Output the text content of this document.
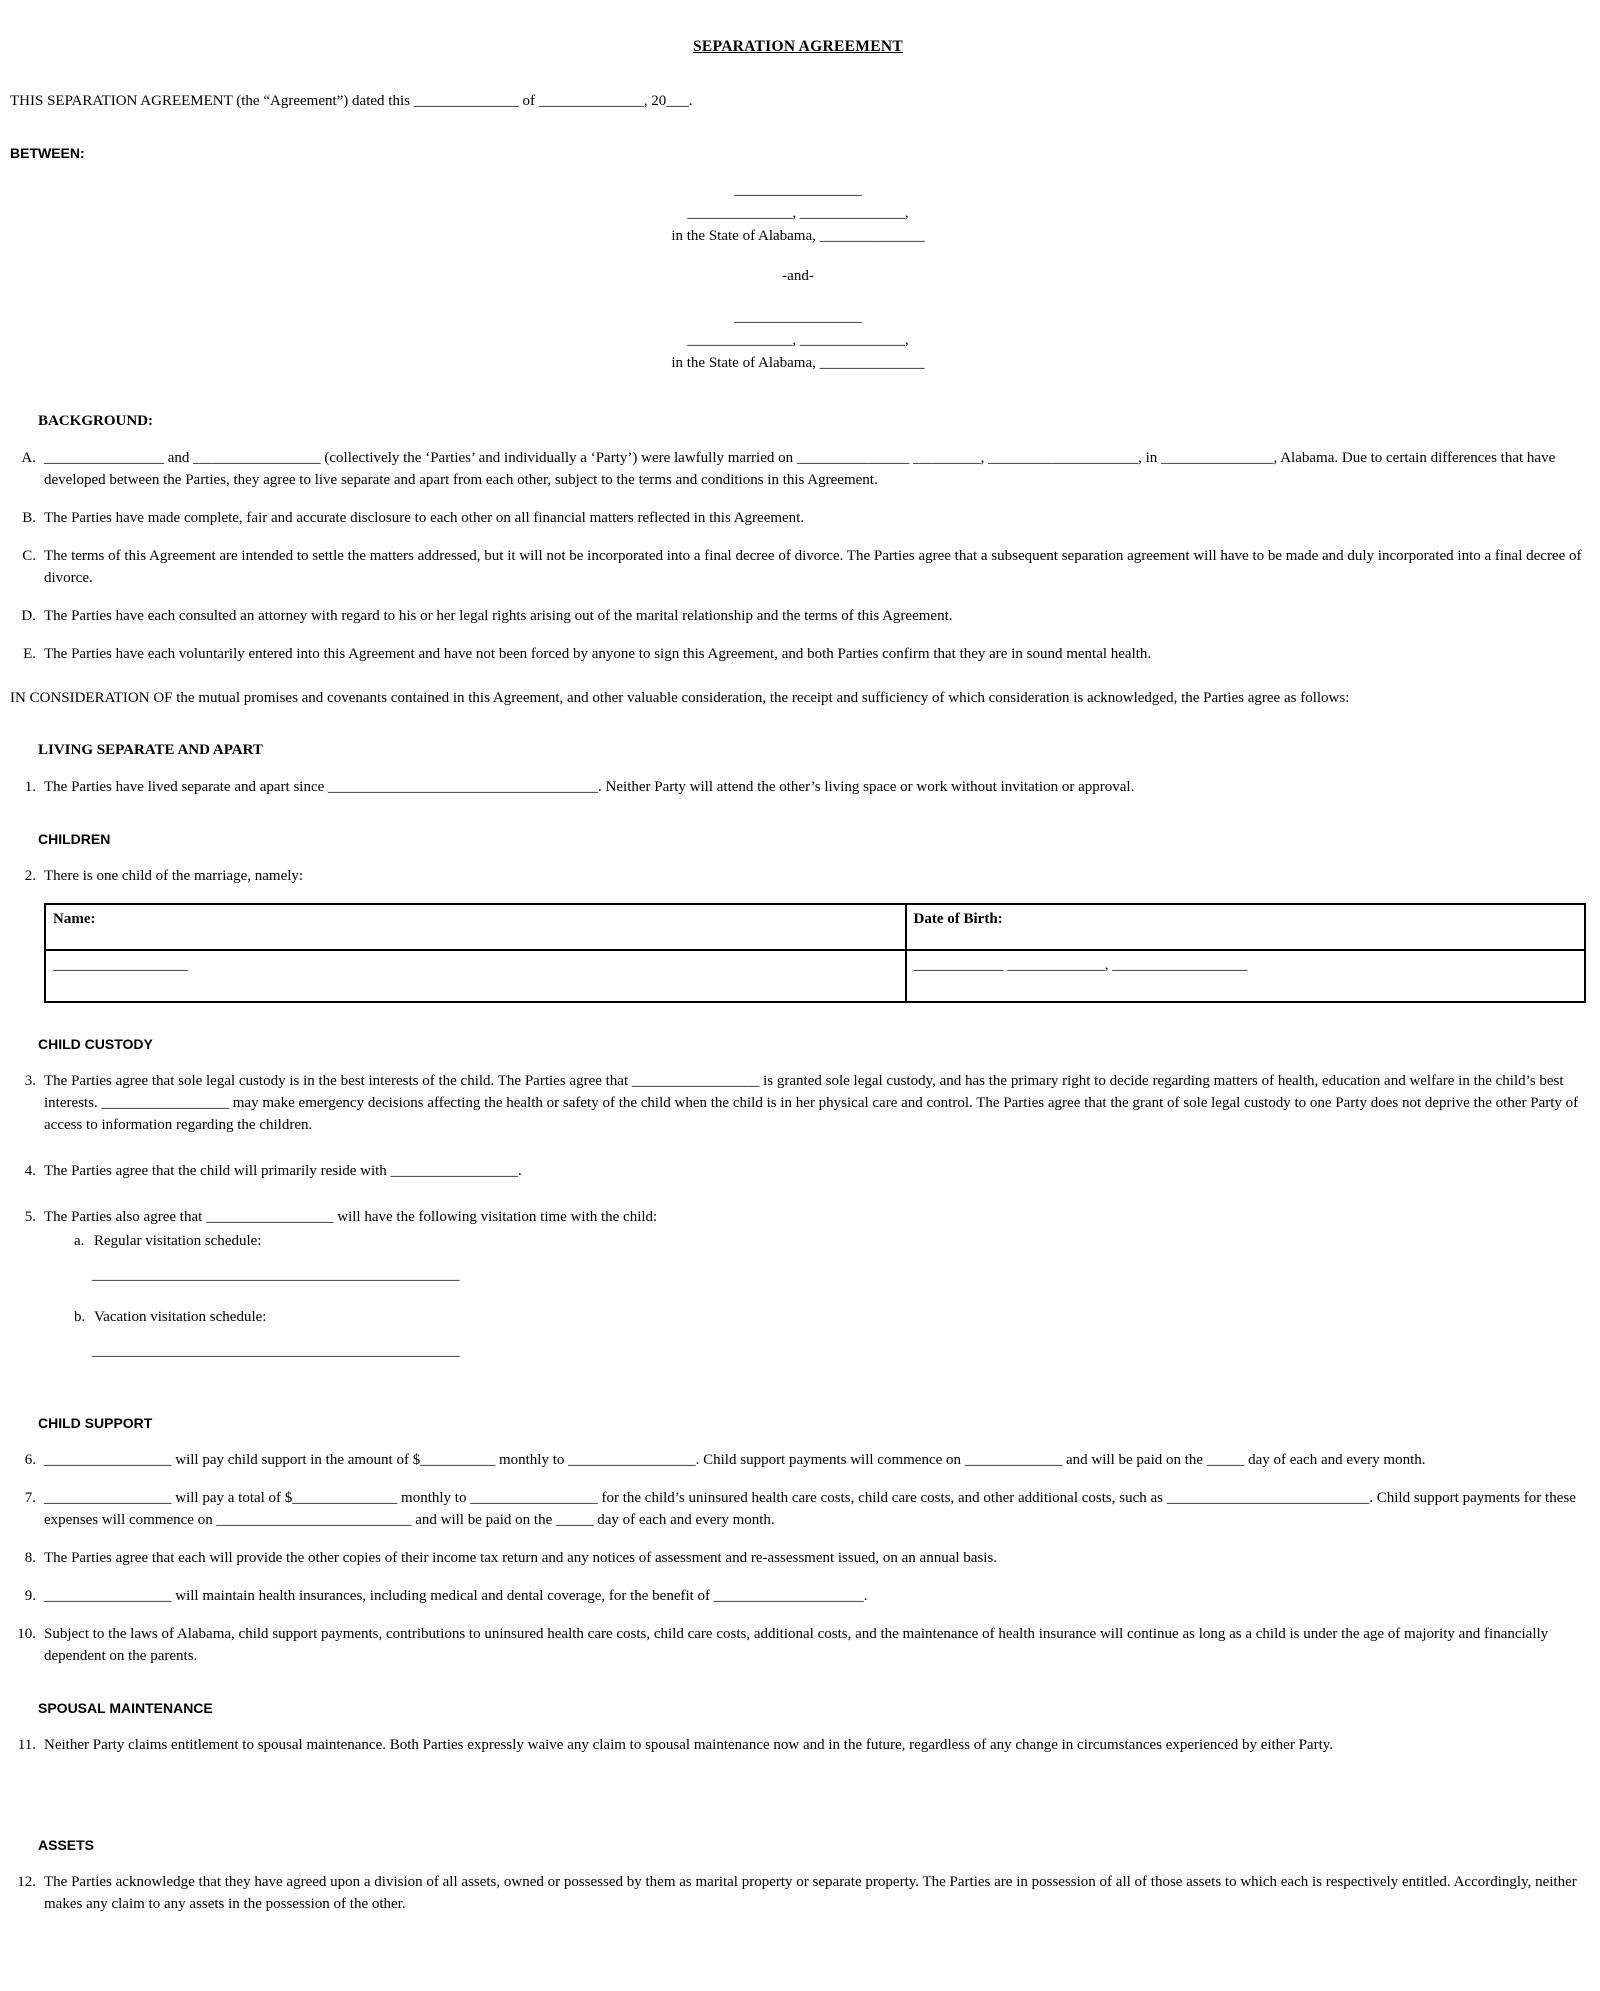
SEPARATION AGREEMENT

THIS SEPARATION AGREEMENT (the “Agreement”) dated this ______________ of ______________, 20___.

BETWEEN:
_________________
______________, ______________,
in the State of Alabama, ______________
-and-
_________________
______________, ______________,
in the State of Alabama, ______________
BACKGROUND:
A. ________________ and _________________ (collectively the ‘Parties’ and individually a ‘Party’) were lawfully married on _______________ _________, ____________________, in _______________, Alabama. Due to certain differences that have developed between the Parties, they agree to live separate and apart from each other, subject to the terms and conditions in this Agreement.
B. The Parties have made complete, fair and accurate disclosure to each other on all financial matters reflected in this Agreement.
C. The terms of this Agreement are intended to settle the matters addressed, but it will not be incorporated into a final decree of divorce. The Parties agree that a subsequent separation agreement will have to be made and duly incorporated into a final decree of divorce.
D. The Parties have each consulted an attorney with regard to his or her legal rights arising out of the marital relationship and the terms of this Agreement.
E. The Parties have each voluntarily entered into this Agreement and have not been forced by anyone to sign this Agreement, and both Parties confirm that they are in sound mental health.

IN CONSIDERATION OF the mutual promises and covenants contained in this Agreement, and other valuable consideration, the receipt and sufficiency of which consideration is acknowledged, the Parties agree as follows:

LIVING SEPARATE AND APART
1. The Parties have lived separate and apart since ____________________________________. Neither Party will attend the other’s living space or work without invitation or approval.
CHILDREN
2. There is one child of the marriage, namely:
Name:	Date of Birth:
__________________	____________ _____________, __________________
CHILD CUSTODY
3. The Parties agree that sole legal custody is in the best interests of the child. The Parties agree that _________________ is granted sole legal custody, and has the primary right to decide regarding matters of health, education and welfare in the child’s best interests. _________________ may make emergency decisions affecting the health or safety of the child when the child is in her physical care and control. The Parties agree that the grant of sole legal custody to one Party does not deprive the other Party of access to information regarding the children.
4. The Parties agree that the child will primarily reside with _________________.
5. The Parties also agree that _________________ will have the following visitation time with the child:
a. Regular visitation schedule:
_________________________________________________
b. Vacation visitation schedule:
_________________________________________________
CHILD SUPPORT
6. _________________ will pay child support in the amount of $__________ monthly to _________________. Child support payments will commence on _____________ and will be paid on the _____ day of each and every month.
7. _________________ will pay a total of $______________ monthly to _________________ for the child’s uninsured health care costs, child care costs, and other additional costs, such as ___________________________. Child support payments for these expenses will commence on __________________________ and will be paid on the _____ day of each and every month.
8. The Parties agree that each will provide the other copies of their income tax return and any notices of assessment and re-assessment issued, on an annual basis.
9. _________________ will maintain health insurances, including medical and dental coverage, for the benefit of ____________________.
10. Subject to the laws of Alabama, child support payments, contributions to uninsured health care costs, child care costs, additional costs, and the maintenance of health insurance will continue as long as a child is under the age of majority and financially dependent on the parents.
SPOUSAL MAINTENANCE
11. Neither Party claims entitlement to spousal maintenance. Both Parties expressly waive any claim to spousal maintenance now and in the future, regardless of any change in circumstances experienced by either Party.
ASSETS
12. The Parties acknowledge that they have agreed upon a division of all assets, owned or possessed by them as marital property or separate property. The Parties are in possession of all of those assets to which each is respectively entitled. Accordingly, neither makes any claim to any assets in the possession of the other.
